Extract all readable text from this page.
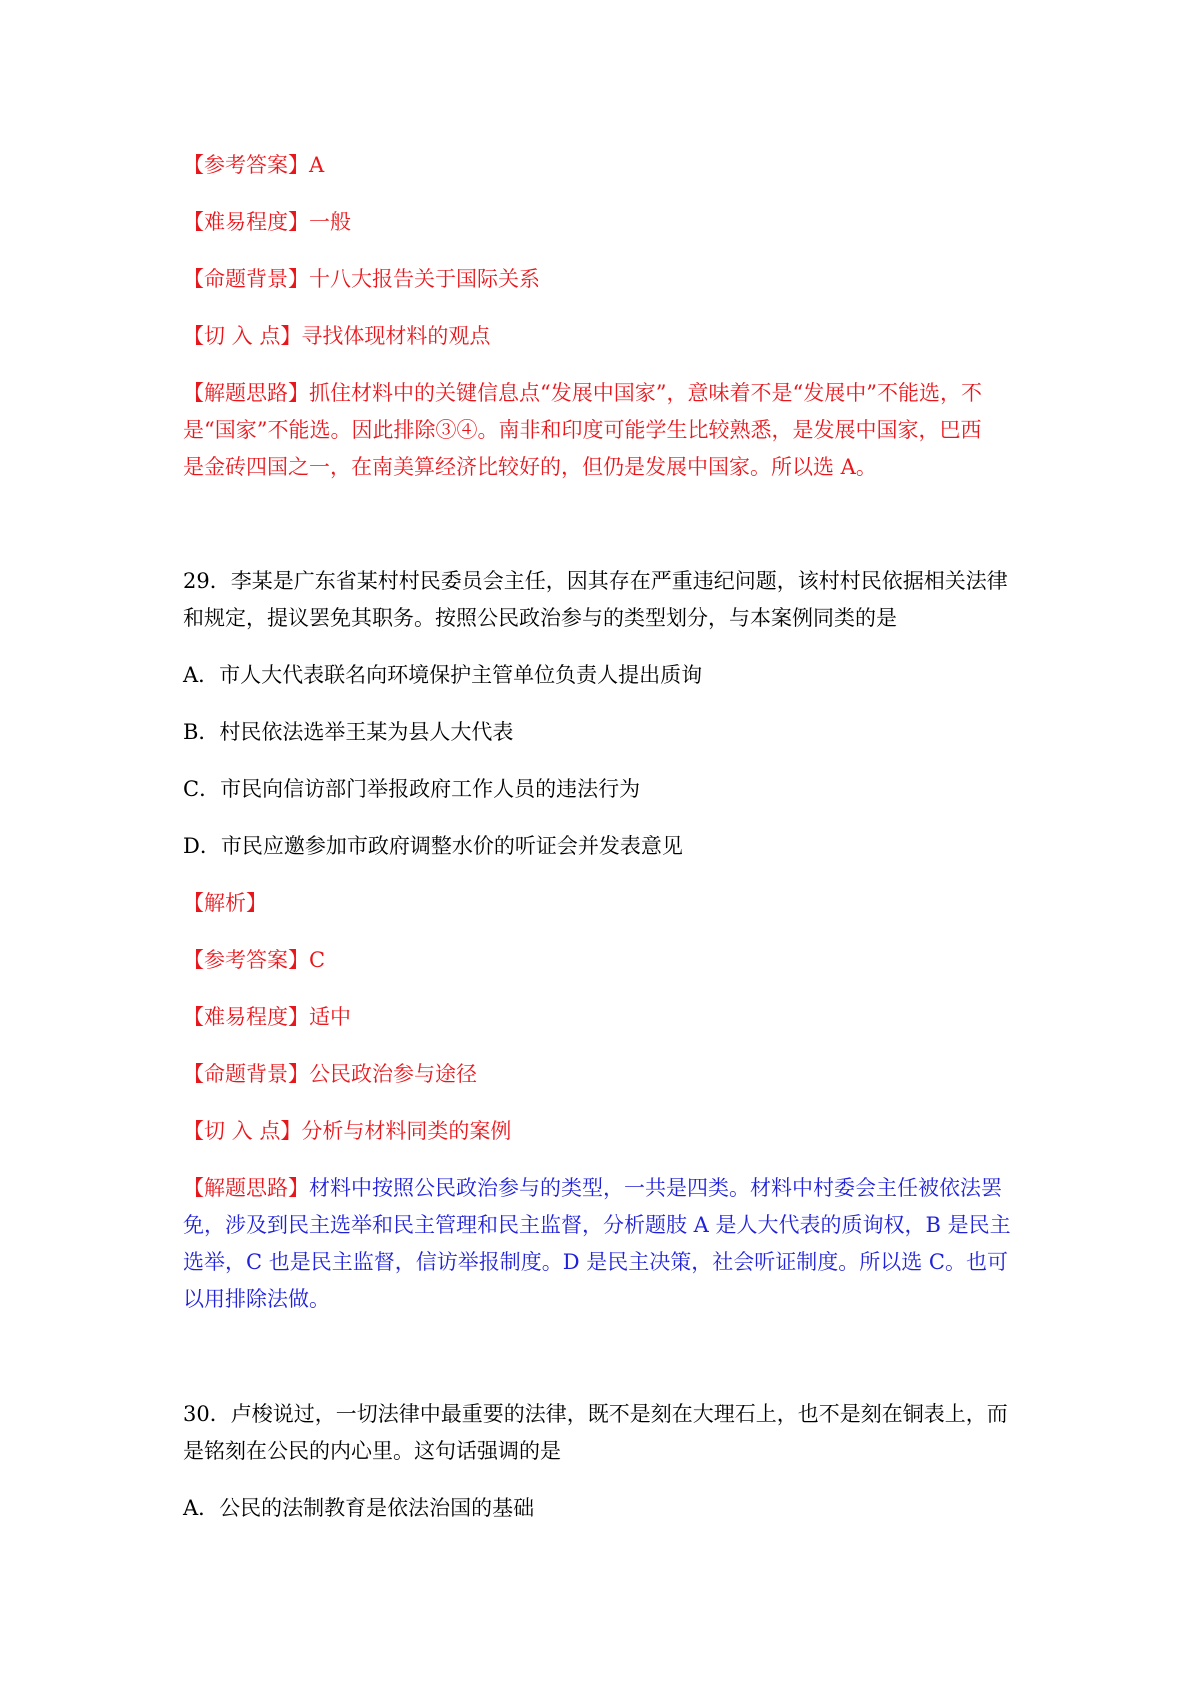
【参考答案】A
【难易程度】一般
【命题背景】十八大报告关于国际关系
【切 入 点】寻找体现材料的观点
【解题思路】抓住材料中的关键信息点“发展中国家”，意味着不是“发展中”不能选，不
是“国家”不能选。因此排除③④。南非和印度可能学生比较熟悉，是发展中国家，巴西
是金砖四国之一，在南美算经济比较好的，但仍是发展中国家。所以选 A。
29．李某是广东省某村村民委员会主任，因其存在严重违纪问题，该村村民依据相关法律
和规定，提议罢免其职务。按照公民政治参与的类型划分，与本案例同类的是
A．市人大代表联名向环境保护主管单位负责人提出质询
B．村民依法选举王某为县人大代表
C．市民向信访部门举报政府工作人员的违法行为
D．市民应邀参加市政府调整水价的听证会并发表意见
【解析】
【参考答案】C
【难易程度】适中
【命题背景】公民政治参与途径
【切 入 点】分析与材料同类的案例
【解题思路】材料中按照公民政治参与的类型，一共是四类。材料中村委会主任被依法罢
免，涉及到民主选举和民主管理和民主监督，分析题肢 A 是人大代表的质询权，B 是民主
选举，C 也是民主监督，信访举报制度。D 是民主决策，社会听证制度。所以选 C。也可
以用排除法做。
30．卢梭说过，一切法律中最重要的法律，既不是刻在大理石上，也不是刻在铜表上，而
是铭刻在公民的内心里。这句话强调的是
A．公民的法制教育是依法治国的基础
